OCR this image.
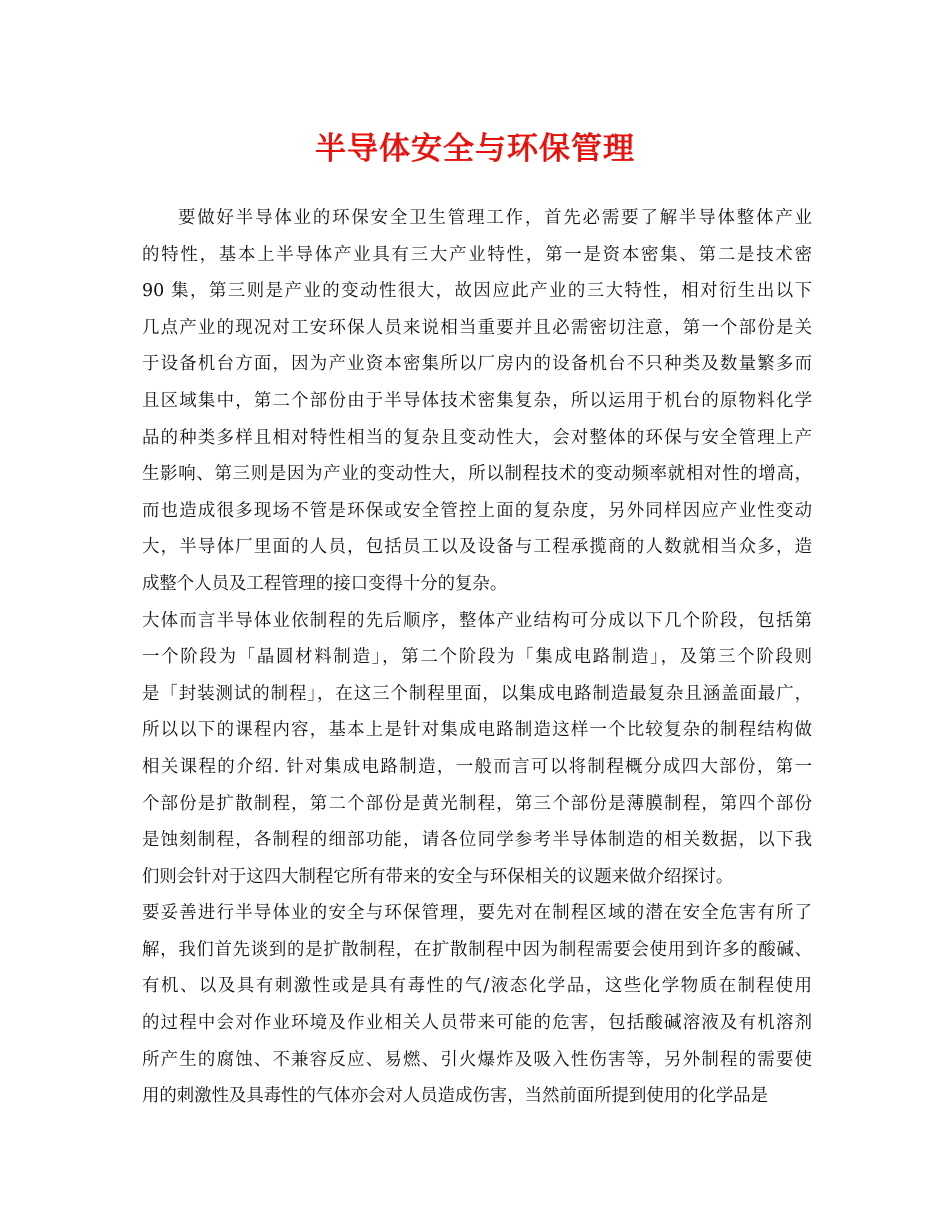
半导体安全与环保管理
要做好半导体业的环保安全卫生管理工作，首先必需要了解半导体整体产业
的特性，基本上半导体产业具有三大产业特性，第一是资本密集、第二是技术密
90 集，第三则是产业的变动性很大，故因应此产业的三大特性，相对衍生出以下
几点产业的现况对工安环保人员来说相当重要并且必需密切注意，第一个部份是关
于设备机台方面，因为产业资本密集所以厂房内的设备机台不只种类及数量繁多而
且区域集中，第二个部份由于半导体技术密集复杂，所以运用于机台的原物料化学
品的种类多样且相对特性相当的复杂且变动性大，会对整体的环保与安全管理上产
生影响、第三则是因为产业的变动性大，所以制程技术的变动频率就相对性的增高，
而也造成很多现场不管是环保或安全管控上面的复杂度，另外同样因应产业性变动
大，半导体厂里面的人员，包括员工以及设备与工程承揽商的人数就相当众多，造
成整个人员及工程管理的接口变得十分的复杂。
大体而言半导体业依制程的先后顺序，整体产业结构可分成以下几个阶段，包括第
一个阶段为「晶圆材料制造」，第二个阶段为「集成电路制造」，及第三个阶段则
是「封装测试的制程」，在这三个制程里面，以集成电路制造最复杂且涵盖面最广，
所以以下的课程内容，基本上是针对集成电路制造这样一个比较复杂的制程结构做
相关课程的介绍. 针对集成电路制造，一般而言可以将制程概分成四大部份，第一
个部份是扩散制程，第二个部份是黄光制程，第三个部份是薄膜制程，第四个部份
是蚀刻制程，各制程的细部功能，请各位同学参考半导体制造的相关数据，以下我
们则会针对于这四大制程它所有带来的安全与环保相关的议题来做介绍探讨。
要妥善进行半导体业的安全与环保管理，要先对在制程区域的潜在安全危害有所了
解，我们首先谈到的是扩散制程，在扩散制程中因为制程需要会使用到许多的酸碱、
有机、以及具有刺激性或是具有毒性的气/液态化学品，这些化学物质在制程使用
的过程中会对作业环境及作业相关人员带来可能的危害，包括酸碱溶液及有机溶剂
所产生的腐蚀、不兼容反应、易燃、引火爆炸及吸入性伤害等，另外制程的需要使
用的刺激性及具毒性的气体亦会对人员造成伤害，当然前面所提到使用的化学品是
